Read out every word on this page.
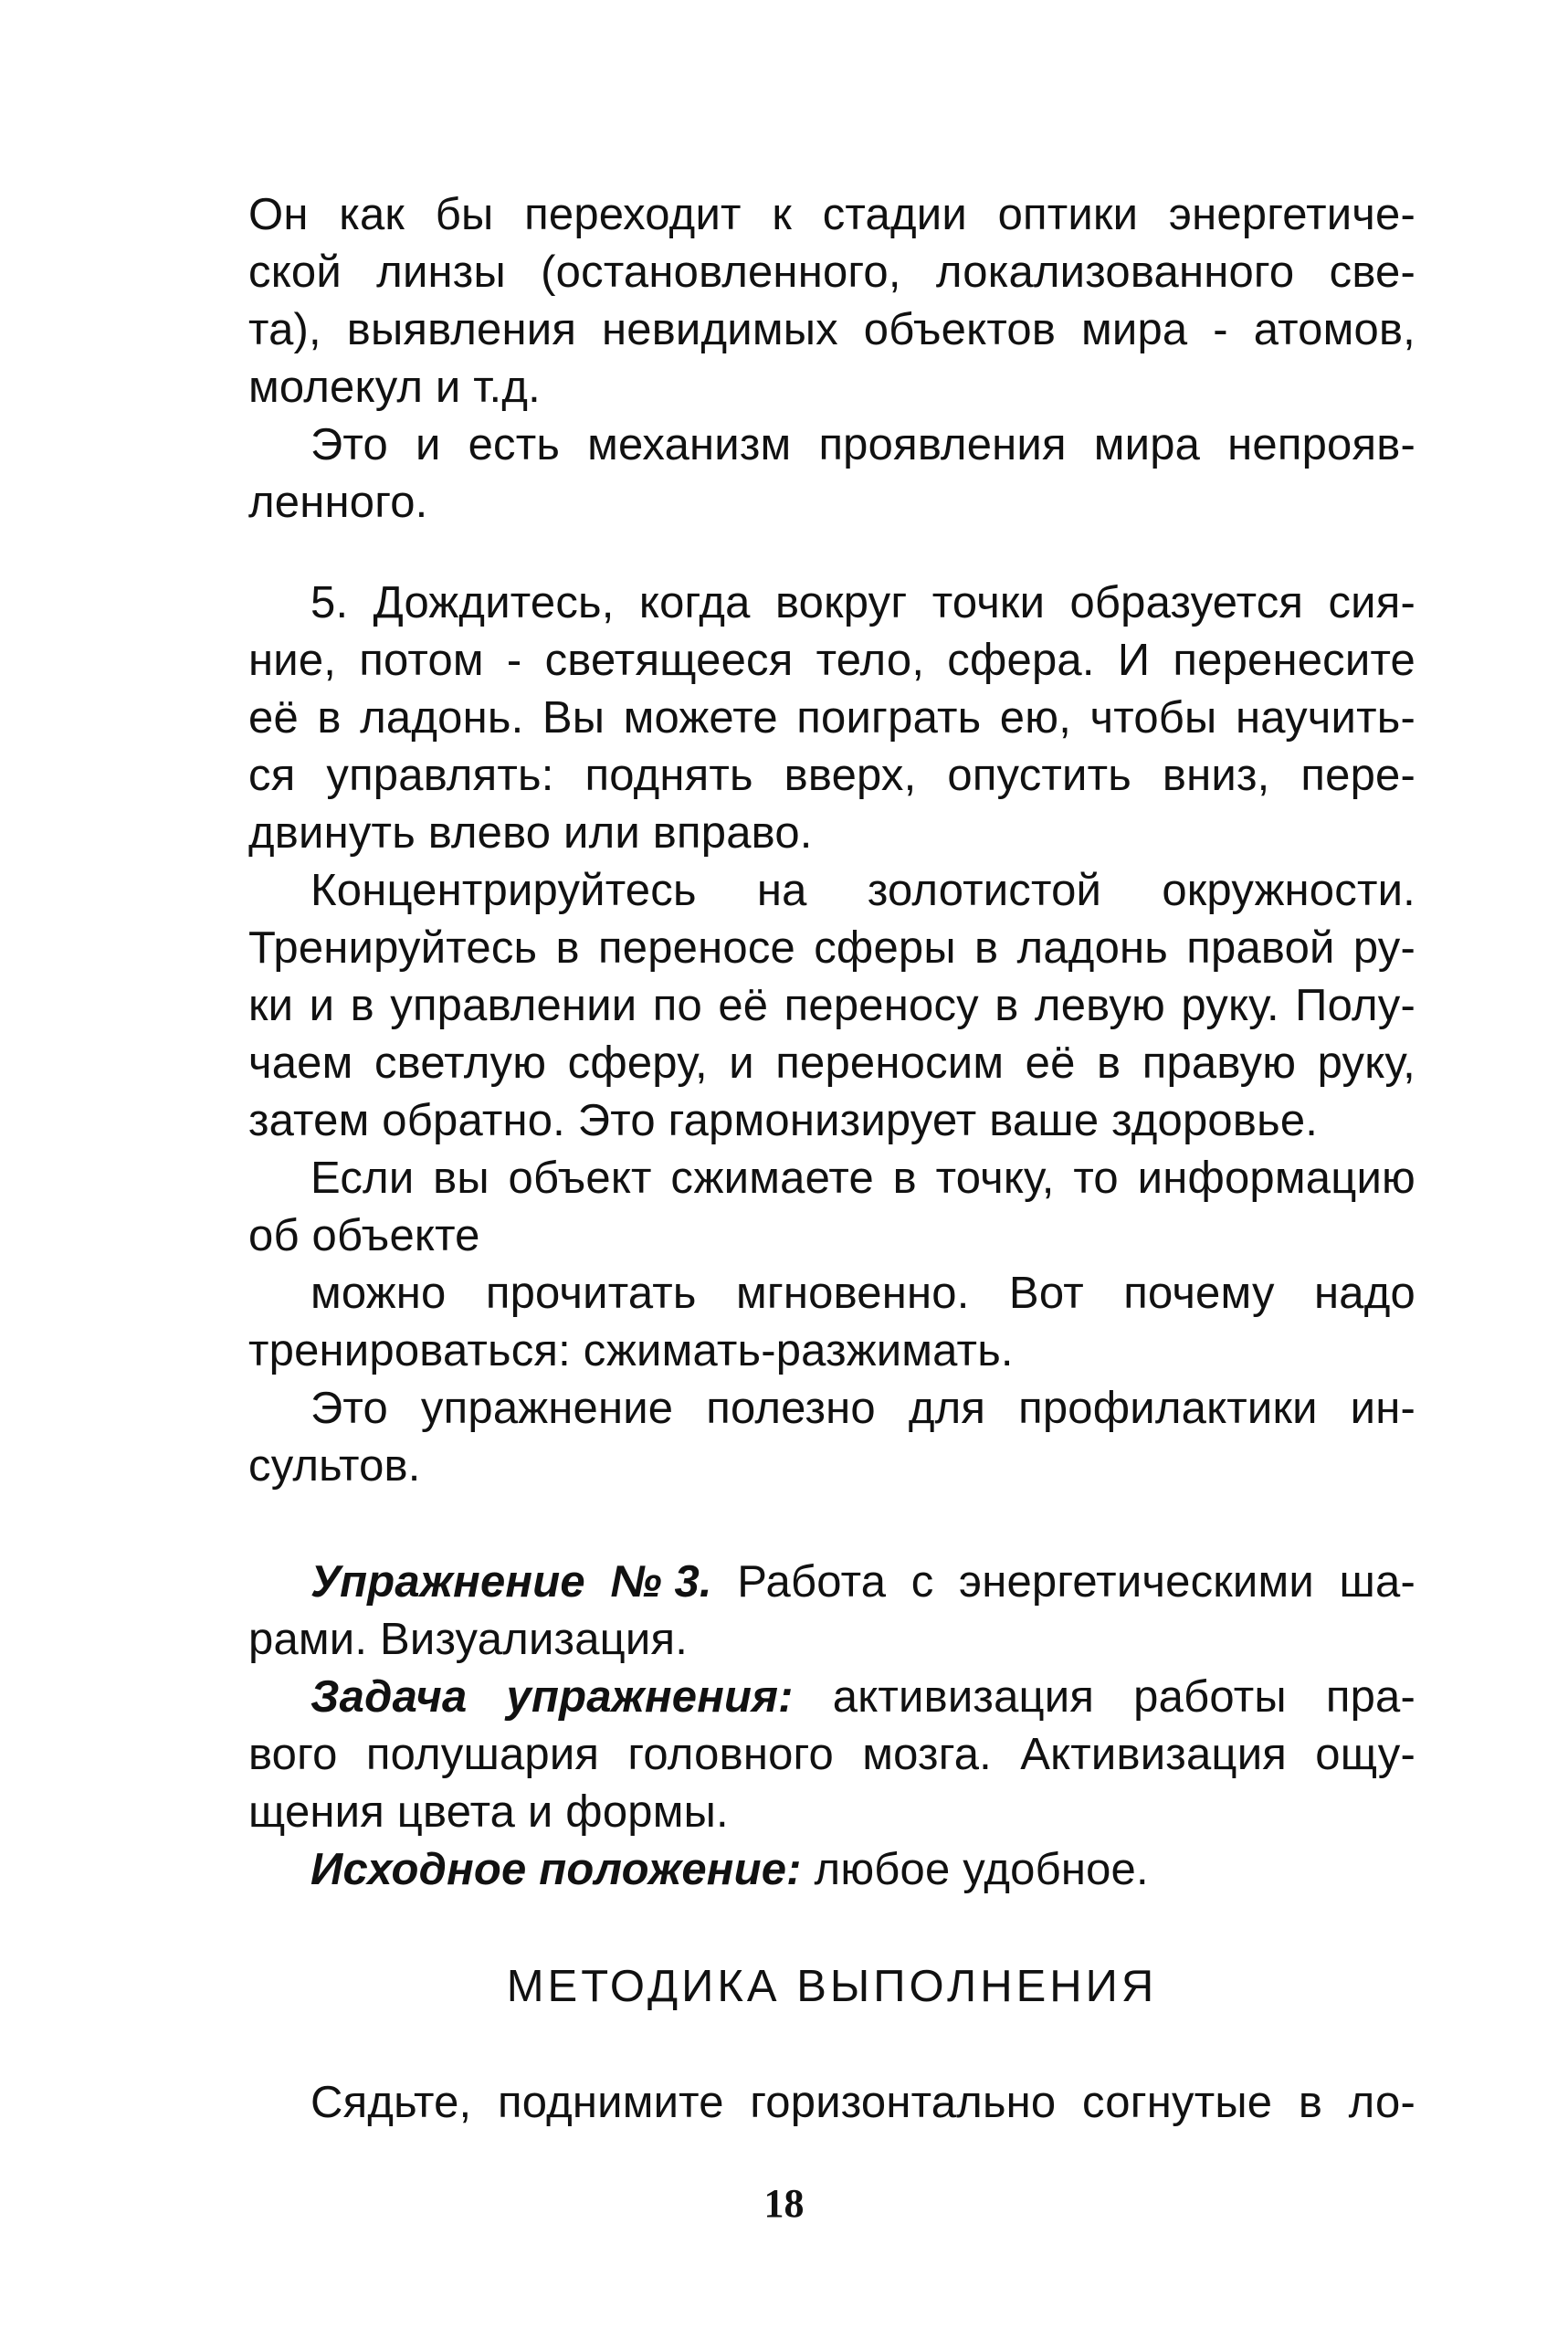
Он как бы переходит к стадии оптики энергетиче-
ской линзы (остановленного, локализованного све-
та), выявления невидимых объектов мира - атомов,
молекул и т.д.
Это и есть механизм проявления мира непрояв-
ленного.
5. Дождитесь, когда вокруг точки образуется сия-
ние, потом - светящееся тело, сфера. И перенесите
её в ладонь. Вы можете поиграть ею, чтобы научить-
ся управлять: поднять вверх, опустить вниз, пере-
двинуть влево или вправо.
Концентрируйтесь на золотистой окружности.
Тренируйтесь в переносе сферы в ладонь правой ру-
ки и в управлении по её переносу в левую руку. Полу-
чаем светлую сферу, и переносим её в правую руку,
затем обратно. Это гармонизирует ваше здоровье.
Если вы объект сжимаете в точку, то информацию
об объекте
можно прочитать мгновенно. Вот почему надо
тренироваться: сжимать-разжимать.
Это упражнение полезно для профилактики ин-
сультов.
Упражнение №3. Работа с энергетическими ша-
рами. Визуализация.
Задача упражнения: активизация работы пра-
вого полушария головного мозга. Активизация ощу-
щения цвета и формы.
Исходное положение: любое удобное.
МЕТОДИКА ВЫПОЛНЕНИЯ
Сядьте, поднимите горизонтально согнутые в ло-
18
